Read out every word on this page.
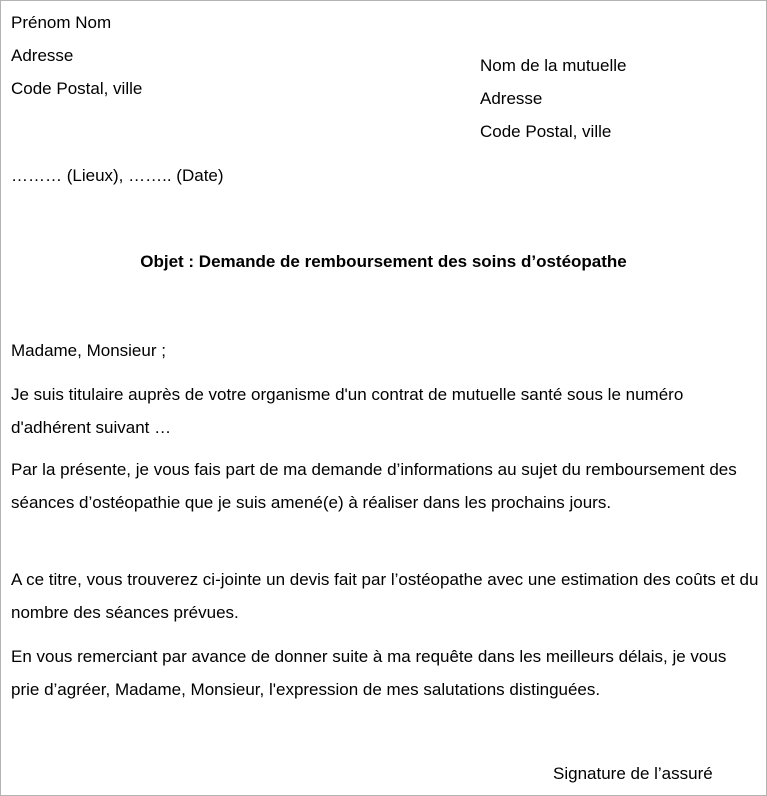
Prénom Nom
Adresse
Code Postal, ville
Nom de la mutuelle
Adresse
Code Postal, ville
……… (Lieux), …….. (Date)
Objet : Demande de remboursement des soins d’ostéopathe
Madame, Monsieur ;

Je suis titulaire auprès de votre organisme d'un contrat de mutuelle santé sous le numéro d'adhérent suivant …

Par la présente, je vous fais part de ma demande d’informations au sujet du remboursement des séances d’ostéopathie que je suis amené(e) à réaliser dans les prochains jours.

A ce titre, vous trouverez ci-jointe un devis fait par l’ostéopathe avec une estimation des coûts et du nombre des séances prévues.

En vous remerciant par avance de donner suite à ma requête dans les meilleurs délais, je vous prie d’agréer, Madame, Monsieur, l'expression de mes salutations distinguées.

Signature de l’assuré
